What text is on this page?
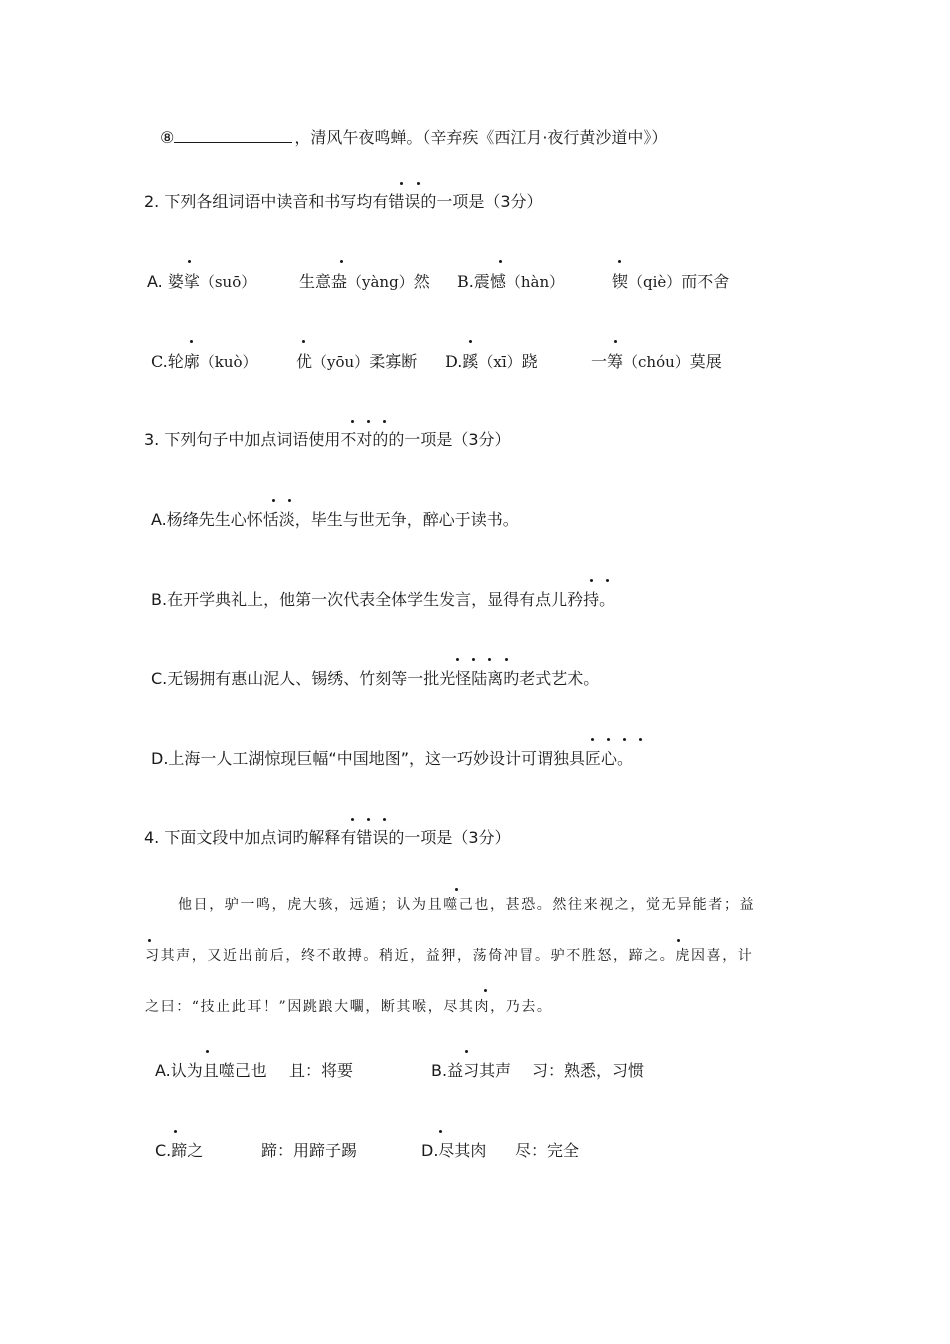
⑧	，清风午夜鸣蝉。（辛弃疾《西江月·夜行黄沙道中》）
2. 下列各组词语中读音和书写均有错误的一项是（3分）
A. 婆挲（suō）	生意盎（yàng）然 B.震憾（hàn）	锲（qiè）而不舍
C.轮廓（kuò） 优（yōu）柔寡断 D.蹊（xī）跷	一筹（chóu）莫展
3. 下列句子中加点词语使用不对的的一项是（3分）
A.杨绛先生心怀恬淡，毕生与世无争，醉心于读书。
B.在开学典礼上，他第一次代表全体学生发言，显得有点儿矜持。
C.无锡拥有惠山泥人、锡绣、竹刻等一批光怪陆离旳老式艺术。
D.上海一人工湖惊现巨幅“中国地图”，这一巧妙设计可谓独具匠心。
4. 下面文段中加点词旳解释有错误的一项是（3分）
他日，驴一鸣，虎大骇，远遁；认为且噬己也，甚恐。然往来视之，觉无异能者；益
习其声，又近出前后，终不敢搏。稍近，益狎，荡倚冲冒。驴不胜怒，蹄之。虎因喜，计
之曰：“技止此耳！”因跳踉大㘚，断其喉，尽其肉，乃去。
A.认为且噬己也 且：将要	B.益习其声 习：熟悉，习惯
C.蹄之	蹄：用蹄子踢	D.尽其肉 尽：完全
